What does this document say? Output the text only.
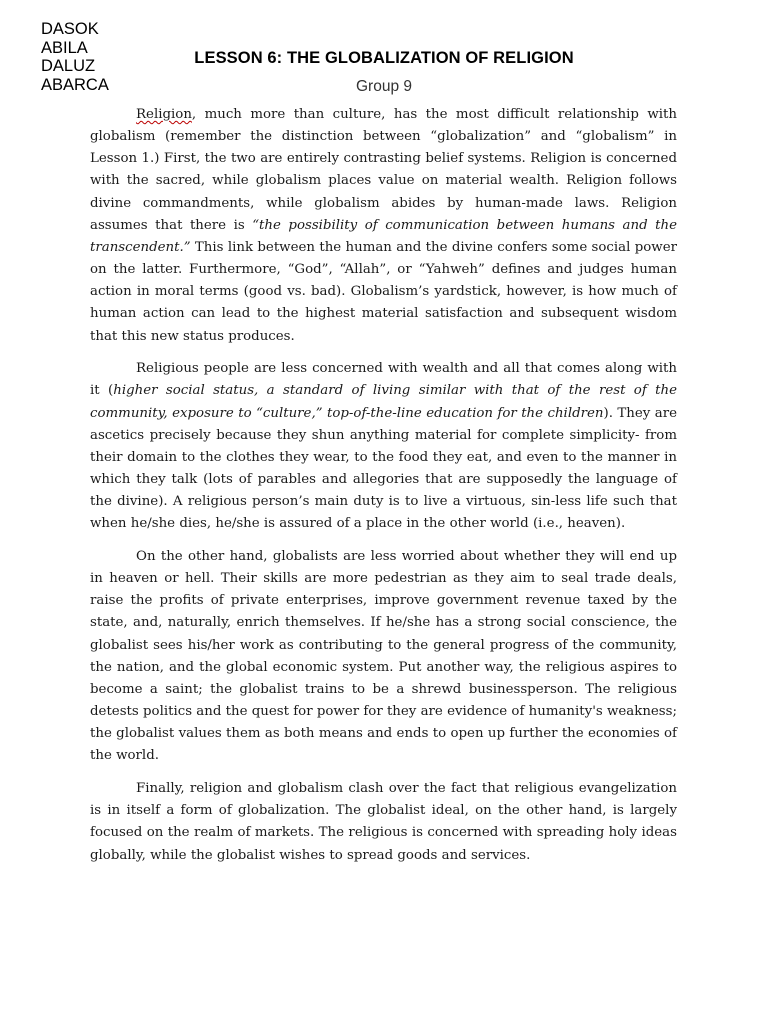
DASOK
ABILA
DALUZ
ABARCA
LESSON 6: THE GLOBALIZATION OF RELIGION
Group 9

Religion, much more than culture, has the most difficult relationship with globalism (remember the distinction between “globalization” and “globalism” in Lesson 1.) First, the two are entirely contrasting belief systems. Religion is concerned with the sacred, while globalism places value on material wealth. Religion follows divine commandments, while globalism abides by human-made laws. Religion assumes that there is “the possibility of communication between humans and the transcendent.” This link between the human and the divine confers some social power on the latter. Furthermore, “God”, “Allah”, or “Yahweh” defines and judges human action in moral terms (good vs. bad). Globalism’s yardstick, however, is how much of human action can lead to the highest material satisfaction and subsequent wisdom that this new status produces.

Religious people are less concerned with wealth and all that comes along with it (higher social status, a standard of living similar with that of the rest of the community, exposure to “culture,” top-of-the-line education for the children). They are ascetics precisely because they shun anything material for complete simplicity- from their domain to the clothes they wear, to the food they eat, and even to the manner in which they talk (lots of parables and allegories that are supposedly the language of the divine). A religious person’s main duty is to live a virtuous, sin-less life such that when he/she dies, he/she is assured of a place in the other world (i.e., heaven).

On the other hand, globalists are less worried about whether they will end up in heaven or hell. Their skills are more pedestrian as they aim to seal trade deals, raise the profits of private enterprises, improve government revenue taxed by the state, and, naturally, enrich themselves. If he/she has a strong social conscience, the globalist sees his/her work as contributing to the general progress of the community, the nation, and the global economic system. Put another way, the religious aspires to become a saint; the globalist trains to be a shrewd businessperson. The religious detests politics and the quest for power for they are evidence of humanity's weakness; the globalist values them as both means and ends to open up further the economies of the world.

Finally, religion and globalism clash over the fact that religious evangelization is in itself a form of globalization. The globalist ideal, on the other hand, is largely focused on the realm of markets. The religious is concerned with spreading holy ideas globally, while the globalist wishes to spread goods and services.
